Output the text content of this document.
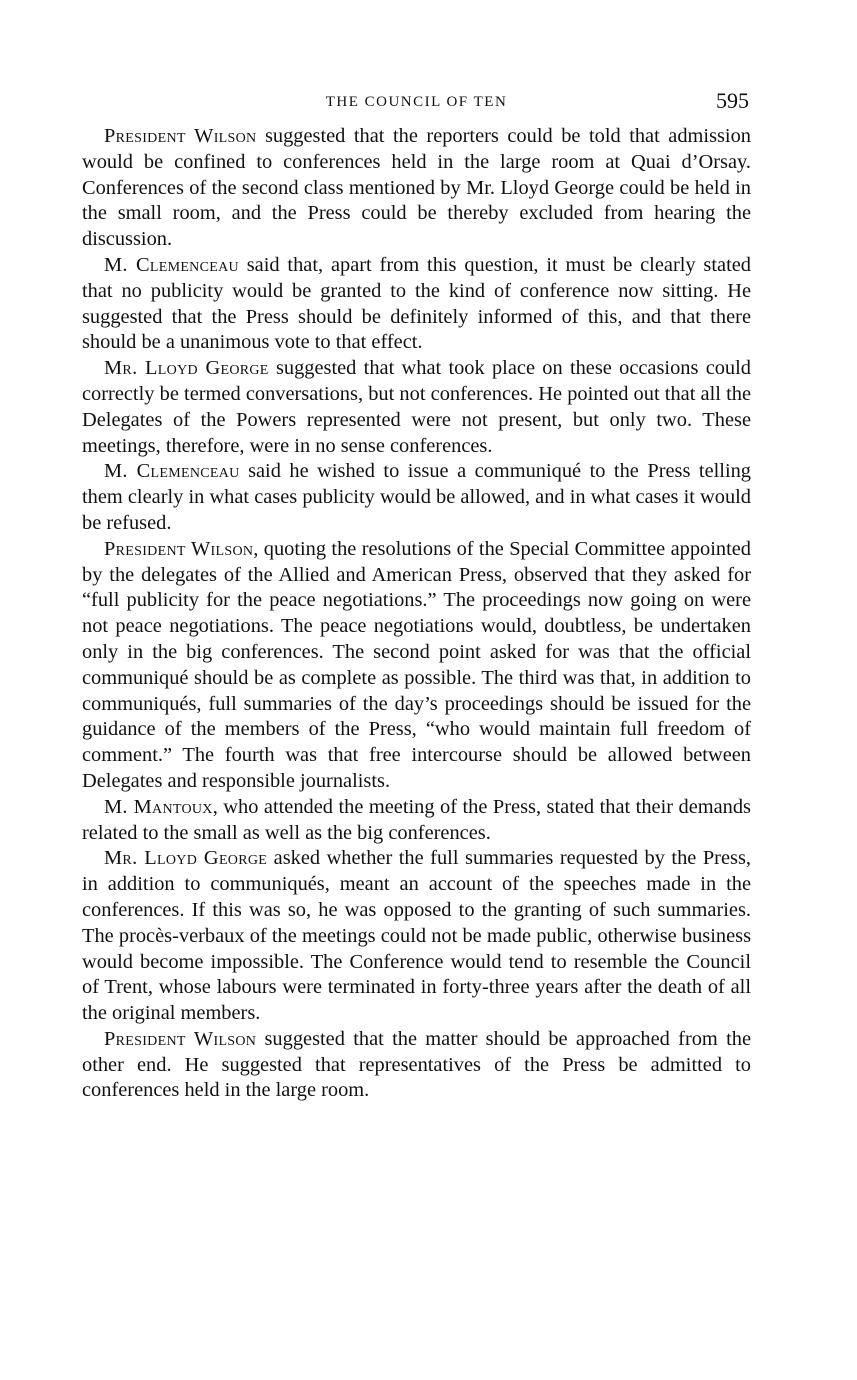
THE COUNCIL OF TEN	595

President Wilson suggested that the reporters could be told that admission would be confined to conferences held in the large room at Quai d’Orsay. Conferences of the second class mentioned by Mr. Lloyd George could be held in the small room, and the Press could be thereby excluded from hearing the discussion.

M. Clemenceau said that, apart from this question, it must be clearly stated that no publicity would be granted to the kind of conference now sitting. He suggested that the Press should be definitely informed of this, and that there should be a unanimous vote to that effect.

Mr. Lloyd George suggested that what took place on these occasions could correctly be termed conversations, but not conferences. He pointed out that all the Delegates of the Powers represented were not present, but only two. These meetings, therefore, were in no sense conferences.

M. Clemenceau said he wished to issue a communiqué to the Press telling them clearly in what cases publicity would be allowed, and in what cases it would be refused.

President Wilson, quoting the resolutions of the Special Committee appointed by the delegates of the Allied and American Press, observed that they asked for “full publicity for the peace negotiations.” The proceedings now going on were not peace negotiations. The peace negotiations would, doubtless, be undertaken only in the big conferences. The second point asked for was that the official communiqué should be as complete as possible. The third was that, in addition to communiqués, full summaries of the day’s proceedings should be issued for the guidance of the members of the Press, “who would maintain full freedom of comment.” The fourth was that free intercourse should be allowed between Delegates and responsible journalists.

M. Mantoux, who attended the meeting of the Press, stated that their demands related to the small as well as the big conferences.

Mr. Lloyd George asked whether the full summaries requested by the Press, in addition to communiqués, meant an account of the speeches made in the conferences. If this was so, he was opposed to the granting of such summaries. The procès-verbaux of the meetings could not be made public, otherwise business would become impossible. The Conference would tend to resemble the Council of Trent, whose labours were terminated in forty-three years after the death of all the original members.

President Wilson suggested that the matter should be approached from the other end. He suggested that representatives of the Press be admitted to conferences held in the large room.
